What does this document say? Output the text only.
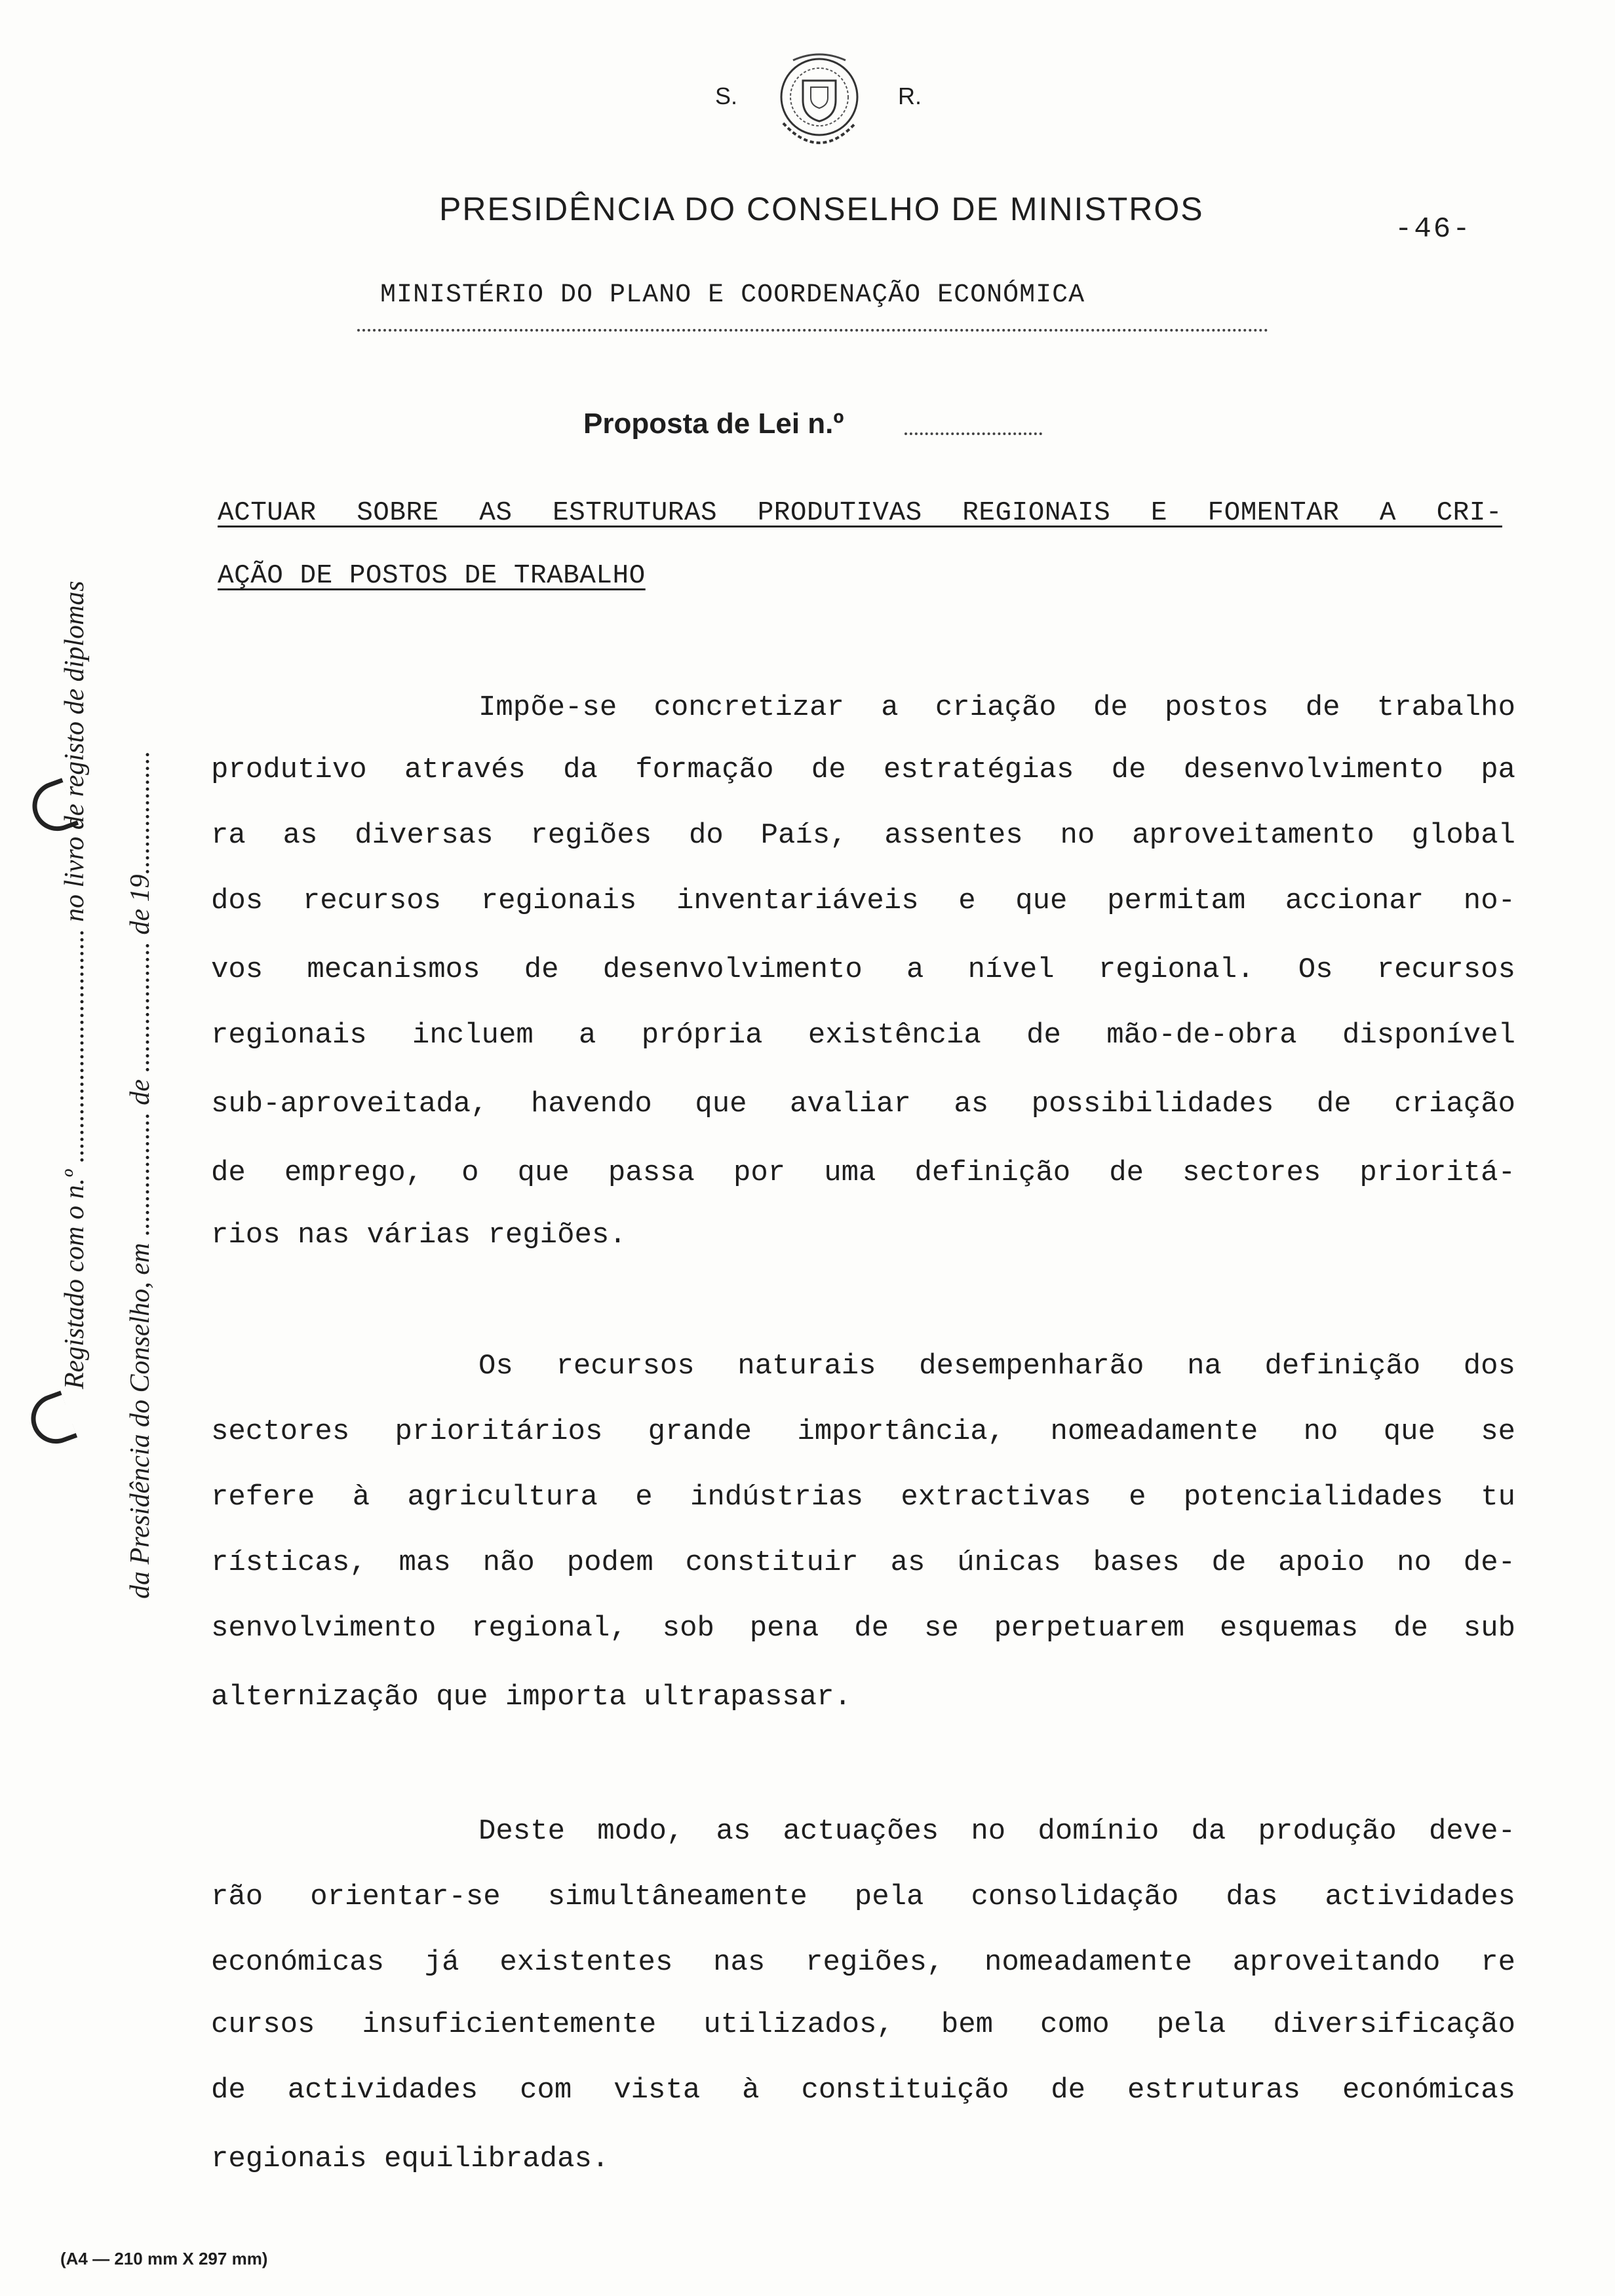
S.	R.
PRESIDÊNCIA DO CONSELHO DE MINISTROS
-46-
MINISTÉRIO DO PLANO E COORDENAÇÃO ECONÓMICA
Proposta de Lei n.º
ACTUAR SOBRE AS ESTRUTURAS PRODUTIVAS REGIONAIS E FOMENTAR A CRI-
AÇÃO DE POSTOS DE TRABALHO
Impõe-se concretizar a criação de postos de trabalho
produtivo através da formação de estratégias de desenvolvimento pa
ra as diversas regiões do País, assentes no aproveitamento global
dos recursos regionais inventariáveis e que permitam accionar no-
vos mecanismos de desenvolvimento a nível regional. Os recursos
regionais incluem a própria existência de mão-de-obra disponível
sub-aproveitada, havendo que avaliar as possibilidades de criação
de emprego, o que passa por uma definição de sectores prioritá-
rios nas várias regiões.
Os recursos naturais desempenharão na definição dos
sectores prioritários grande importância, nomeadamente no que se
refere à agricultura e indústrias extractivas e potencialidades tu
rísticas, mas não podem constituir as únicas bases de apoio no de-
senvolvimento regional, sob pena de se perpetuarem esquemas de sub
alternização que importa ultrapassar.
Deste modo, as actuações no domínio da produção deve-
rão orientar-se simultâneamente pela consolidação das actividades
económicas já existentes nas regiões, nomeadamente aproveitando re
cursos insuficientemente utilizados, bem como pela diversificação
de actividades com vista à constituição de estruturas económicas
regionais equilibradas.
Registado com o n.º .................................. no livro de registo de diplomas da Presidência do Conselho, em .................. de ................... de 19..................
(A4 — 210 mm X 297 mm)
